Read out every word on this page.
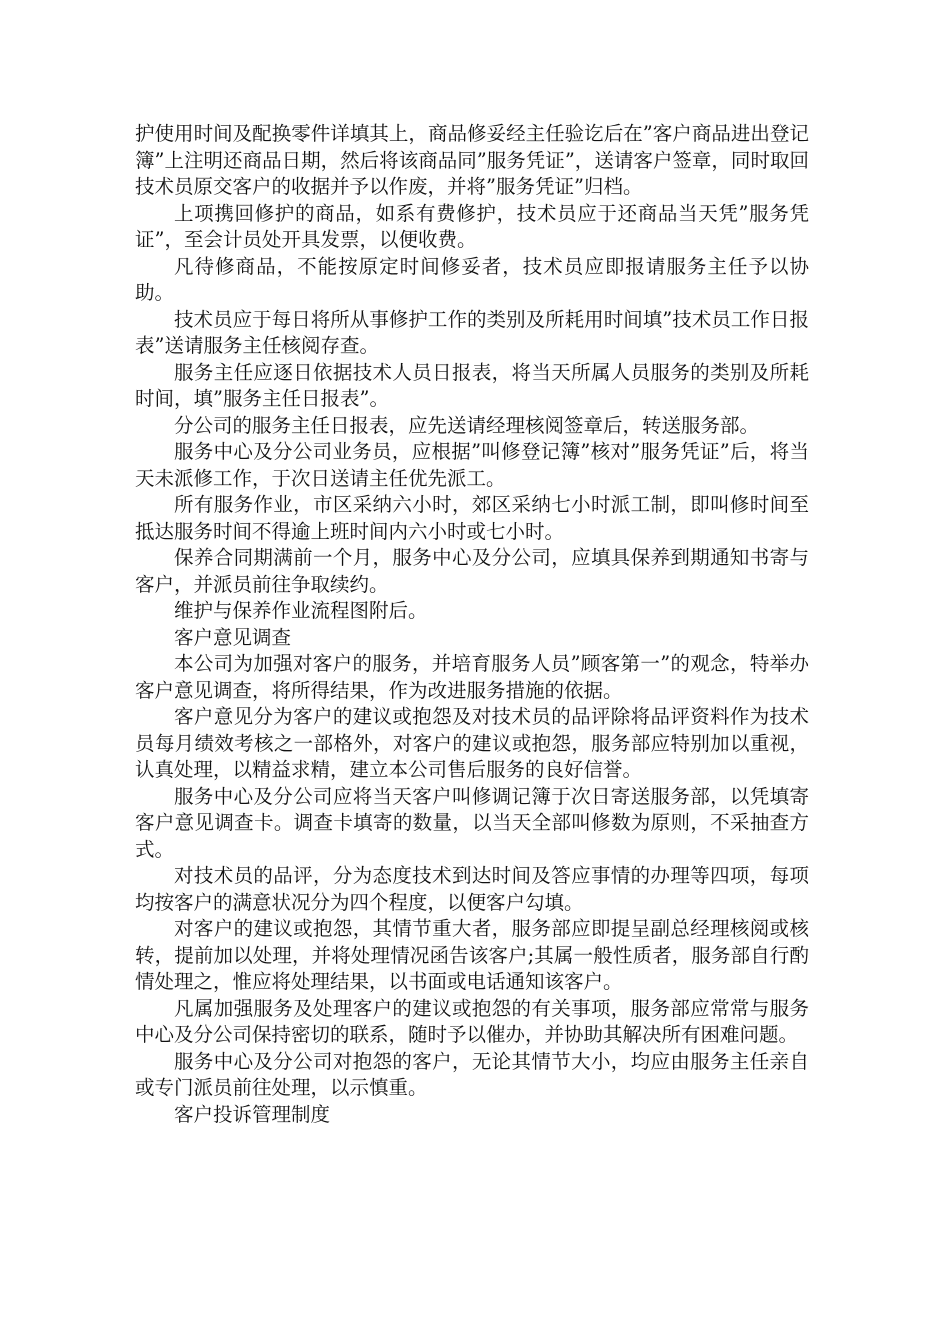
护使用时间及配换零件详填其上，商品修妥经主任验讫后在”客户商品进出登记簿”上注明还商品日期，然后将该商品同”服务凭证”，送请客户签章，同时取回技术员原交客户的收据并予以作废，并将”服务凭证”归档。

上项携回修护的商品，如系有费修护，技术员应于还商品当天凭”服务凭证”，至会计员处开具发票，以便收费。

凡待修商品，不能按原定时间修妥者，技术员应即报请服务主任予以协助。

技术员应于每日将所从事修护工作的类别及所耗用时间填”技术员工作日报表”送请服务主任核阅存查。

服务主任应逐日依据技术人员日报表，将当天所属人员服务的类别及所耗时间，填”服务主任日报表”。

分公司的服务主任日报表，应先送请经理核阅签章后，转送服务部。

服务中心及分公司业务员，应根据”叫修登记簿”核对”服务凭证”后，将当天未派修工作，于次日送请主任优先派工。

所有服务作业，市区采纳六小时，郊区采纳七小时派工制，即叫修时间至抵达服务时间不得逾上班时间内六小时或七小时。

保养合同期满前一个月，服务中心及分公司，应填具保养到期通知书寄与客户，并派员前往争取续约。

维护与保养作业流程图附后。

客户意见调查

本公司为加强对客户的服务，并培育服务人员”顾客第一”的观念，特举办客户意见调查，将所得结果，作为改进服务措施的依据。

客户意见分为客户的建议或抱怨及对技术员的品评除将品评资料作为技术员每月绩效考核之一部格外，对客户的建议或抱怨，服务部应特别加以重视，认真处理，以精益求精，建立本公司售后服务的良好信誉。

服务中心及分公司应将当天客户叫修调记簿于次日寄送服务部，以凭填寄客户意见调查卡。调查卡填寄的数量，以当天全部叫修数为原则，不采抽查方式。

对技术员的品评，分为态度技术到达时间及答应事情的办理等四项，每项均按客户的满意状况分为四个程度，以便客户勾填。

对客户的建议或抱怨，其情节重大者，服务部应即提呈副总经理核阅或核转，提前加以处理，并将处理情况函告该客户;其属一般性质者，服务部自行酌情处理之，惟应将处理结果，以书面或电话通知该客户。

凡属加强服务及处理客户的建议或抱怨的有关事项，服务部应常常与服务中心及分公司保持密切的联系，随时予以催办，并协助其解决所有困难问题。

服务中心及分公司对抱怨的客户，无论其情节大小，均应由服务主任亲自或专门派员前往处理，以示慎重。

客户投诉管理制度
